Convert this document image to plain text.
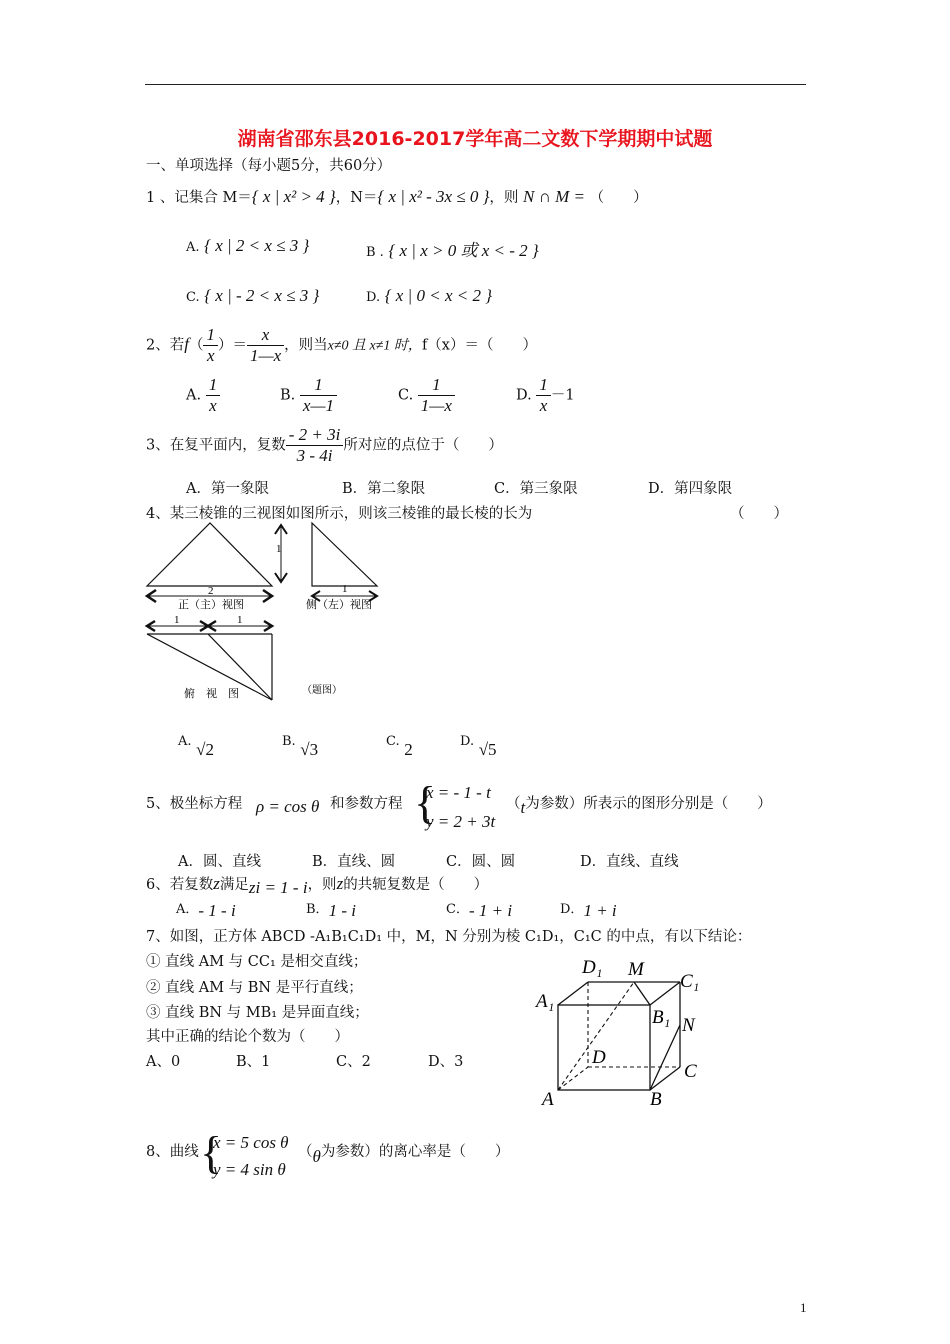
湖南省邵东县2016-2017学年高二文数下学期期中试题
一、单项选择（每小题5分，共60分）
1 、记集合 M＝{ x | x² > 4 }，N＝{ x | x² - 3x ≤ 0 }，则 N ∩ M = （　　）
A. { x | 2 < x ≤ 3 }	B . { x | x > 0 或 x < - 2 }
C. { x | - 2 < x ≤ 3 }	D. { x | 0 < x < 2 }
2、若$f( \frac{1}{x}$ ）＝ $\frac{x}{1—x}$ ，则当x≠0 且 x≠1 时，f（x）＝（　　）
A. $\frac{1}{x}$	B. $\frac{1}{x—1}$	C. $\frac{1}{1—x}$	D. $\frac{1}{x} -1$
3、在复平面内，复数 $\frac{- 2 + 3i}{3 - 4i}$ 所对应的点位于（　　）
A．第一象限	B．第二象限	C．第三象限	D．第四象限
4、某三棱锥的三视图如图所示，则该三棱锥的最长棱的长为	（　　）
2
正（主）视图
1
1
侧（左）视图
1	1
俯　视　图	（题图）
A. √2	B. √3	C. 2	D. √5
5、极坐标方程 ρ = cos θ 和参数方程 {
x = - 1 - t
y = 2 + 3t
（t为参数）所表示的图形分别是（　　）
A．圆、直线	B．直线、圆	C．圆、圆	D．直线、直线
6、若复数z满足zi = 1 - i，则z的共轭复数是（　　）
A．- 1 - i	B．1 - i	C．- 1 + i	D．1 + i
7、如图，正方体 ABCD -A₁B₁C₁D₁ 中，M，N 分别为棱 C₁D₁，C₁C 的中点，有以下结论：
① 直线 AM 与 CC₁ 是相交直线；
② 直线 AM 与 BN 是平行直线；
③ 直线 BN 与 MB₁ 是异面直线；
其中正确的结论个数为（　　）
A、0	B、1	C、2	D、3
D₁ M
C₁
A₁
B₁ N
D
C
A	B
8、曲线 {
x = 5 cos θ
y = 4 sin θ
（θ为参数）的离心率是（　　）
1
